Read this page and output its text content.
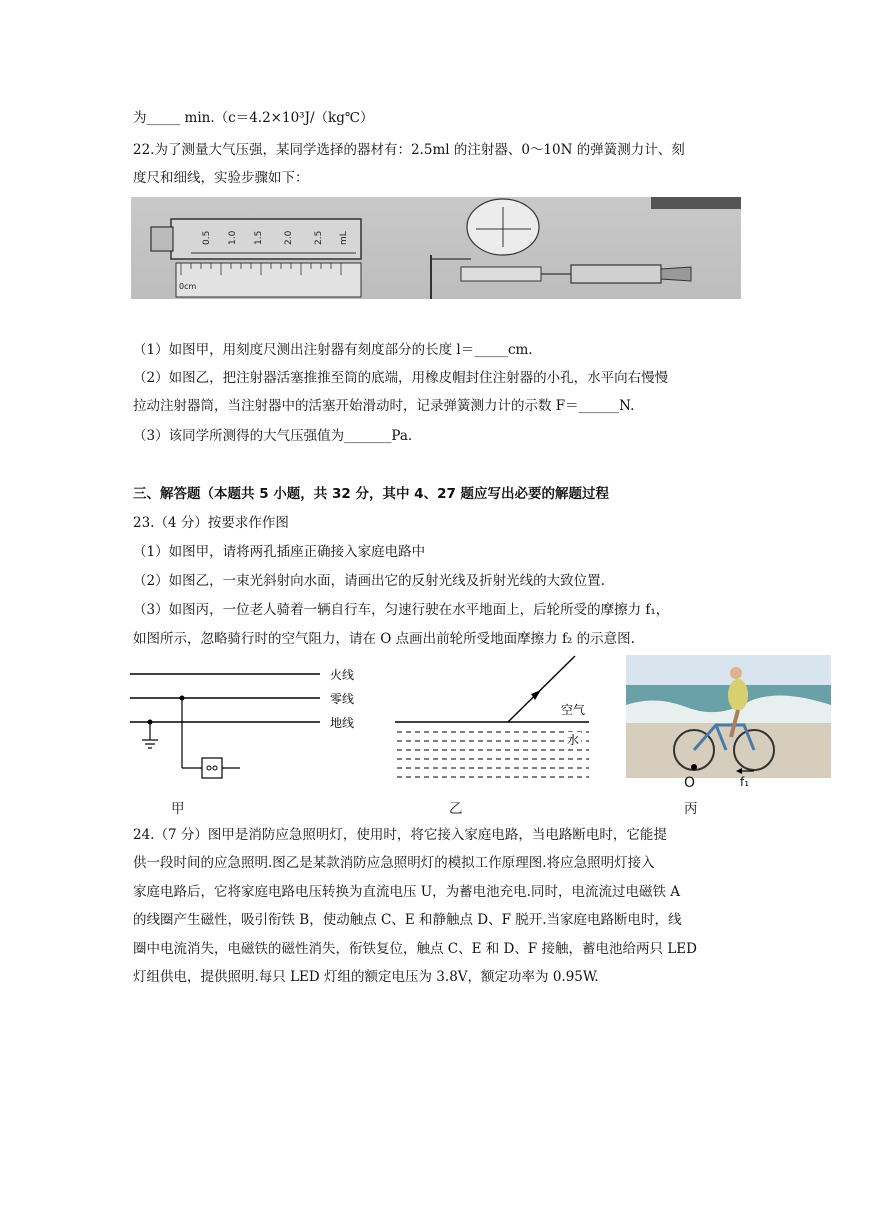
为_____ min.（c＝4.2×10³J/（kg℃）
22.为了测量大气压强，某同学选择的器材有：2.5ml 的注射器、0～10N 的弹簧测力计、刻
度尺和细线，实验步骤如下：
0.5 1.0 1.5 2.0 2.5 mL
0cm
（1）如图甲，用刻度尺测出注射器有刻度部分的长度 l＝_____cm.
（2）如图乙，把注射器活塞推推至筒的底端，用橡皮帽封住注射器的小孔，水平向右慢慢
拉动注射器筒，当注射器中的活塞开始滑动时，记录弹簧测力计的示数 F＝______N.
（3）该同学所测得的大气压强值为_______Pa.
三、解答题（本题共 5 小题，共 32 分，其中 4、27 题应写出必要的解题过程
23.（4 分）按要求作作图
（1）如图甲，请将两孔插座正确接入家庭电路中
（2）如图乙，一束光斜射向水面，请画出它的反射光线及折射光线的大致位置.
（3）如图丙，一位老人骑着一辆自行车，匀速行驶在水平地面上，后轮所受的摩擦力 f₁，
如图所示，忽略骑行时的空气阻力，请在 O 点画出前轮所受地面摩擦力 f₂ 的示意图.
火线
零线
地线
甲
空气
水
乙
O	f₁
丙
24.（7 分）图甲是消防应急照明灯，使用时，将它接入家庭电路，当电路断电时，它能提
供一段时间的应急照明.图乙是某款消防应急照明灯的模拟工作原理图.将应急照明灯接入
家庭电路后，它将家庭电路电压转换为直流电压 U，为蓄电池充电.同时，电流流过电磁铁 A
的线圈产生磁性，吸引衔铁 B，使动触点 C、E 和静触点 D、F 脱开.当家庭电路断电时，线
圈中电流消失，电磁铁的磁性消失，衔铁复位，触点 C、E 和 D、F 接触，蓄电池给两只 LED
灯组供电，提供照明.每只 LED 灯组的额定电压为 3.8V，额定功率为 0.95W.
